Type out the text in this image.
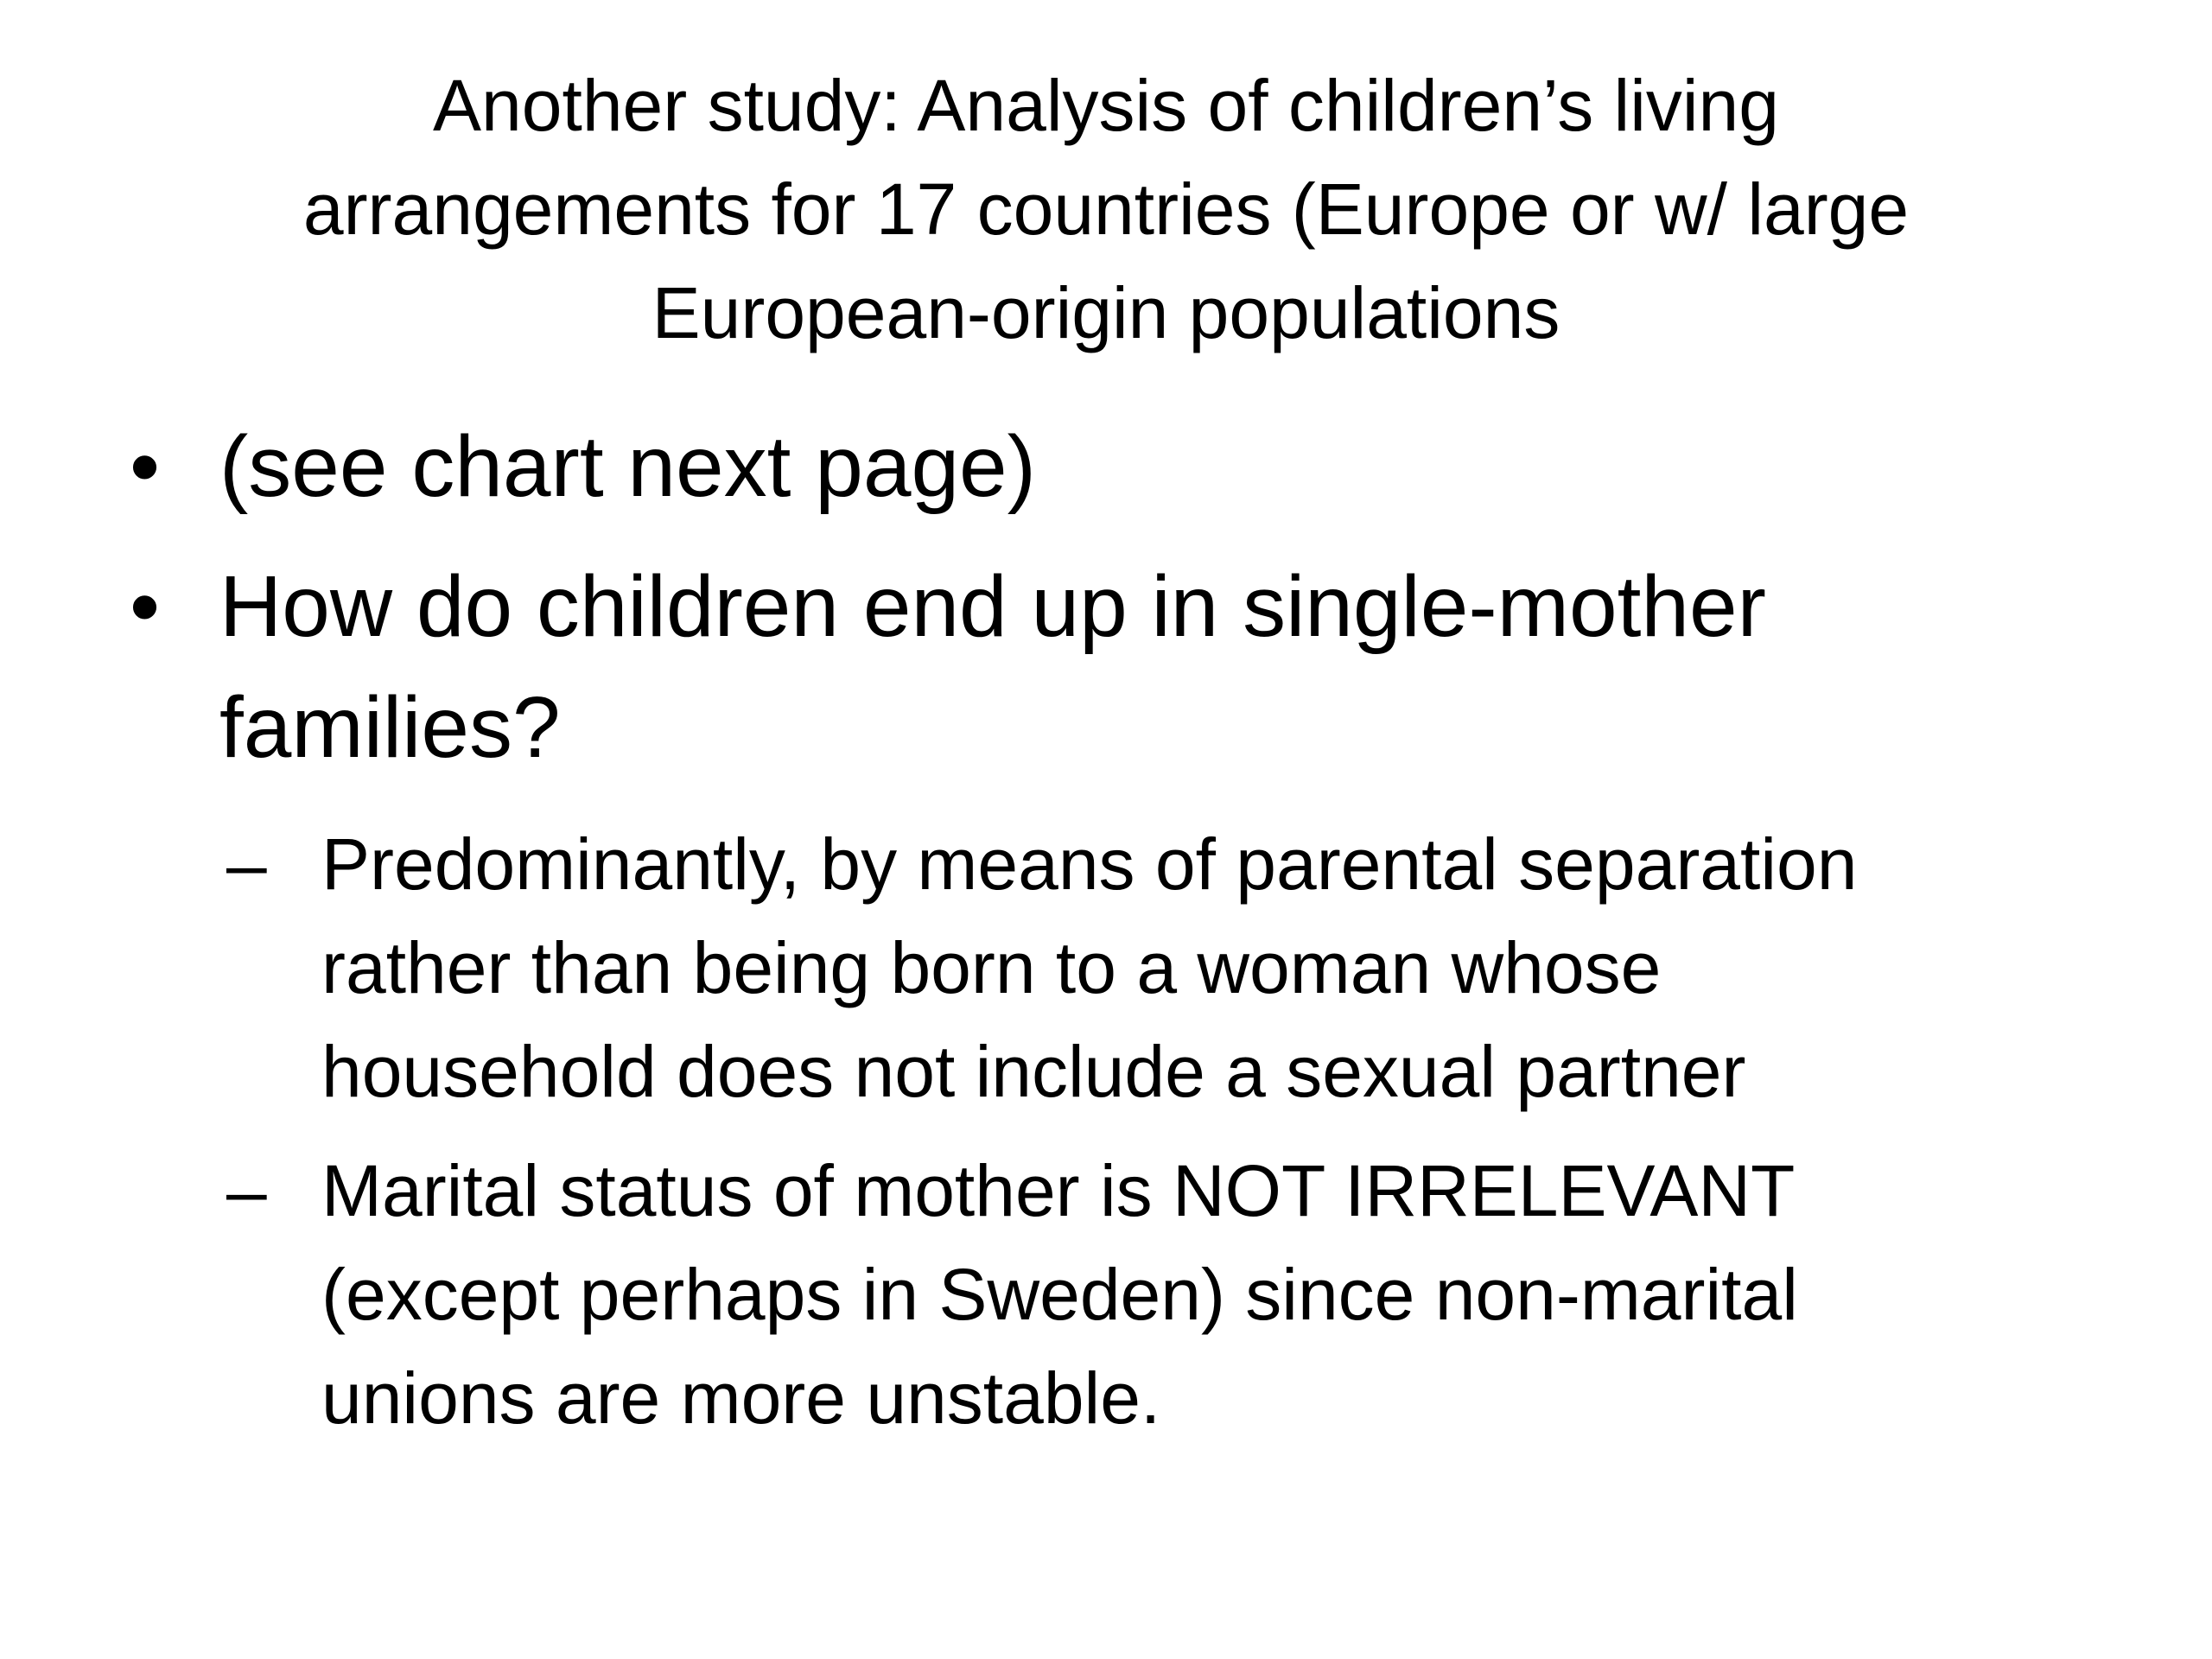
Another study: Analysis of children’s living
arrangements for 17 countries (Europe or w/ large
European-origin populations
• (see chart next page)
• How do children end up in single-mother
families?
– Predominantly, by means of parental separation
rather than being born to a woman whose
household does not include a sexual partner
– Marital status of mother is NOT IRRELEVANT
(except perhaps in Sweden) since non-marital
unions are more unstable.
